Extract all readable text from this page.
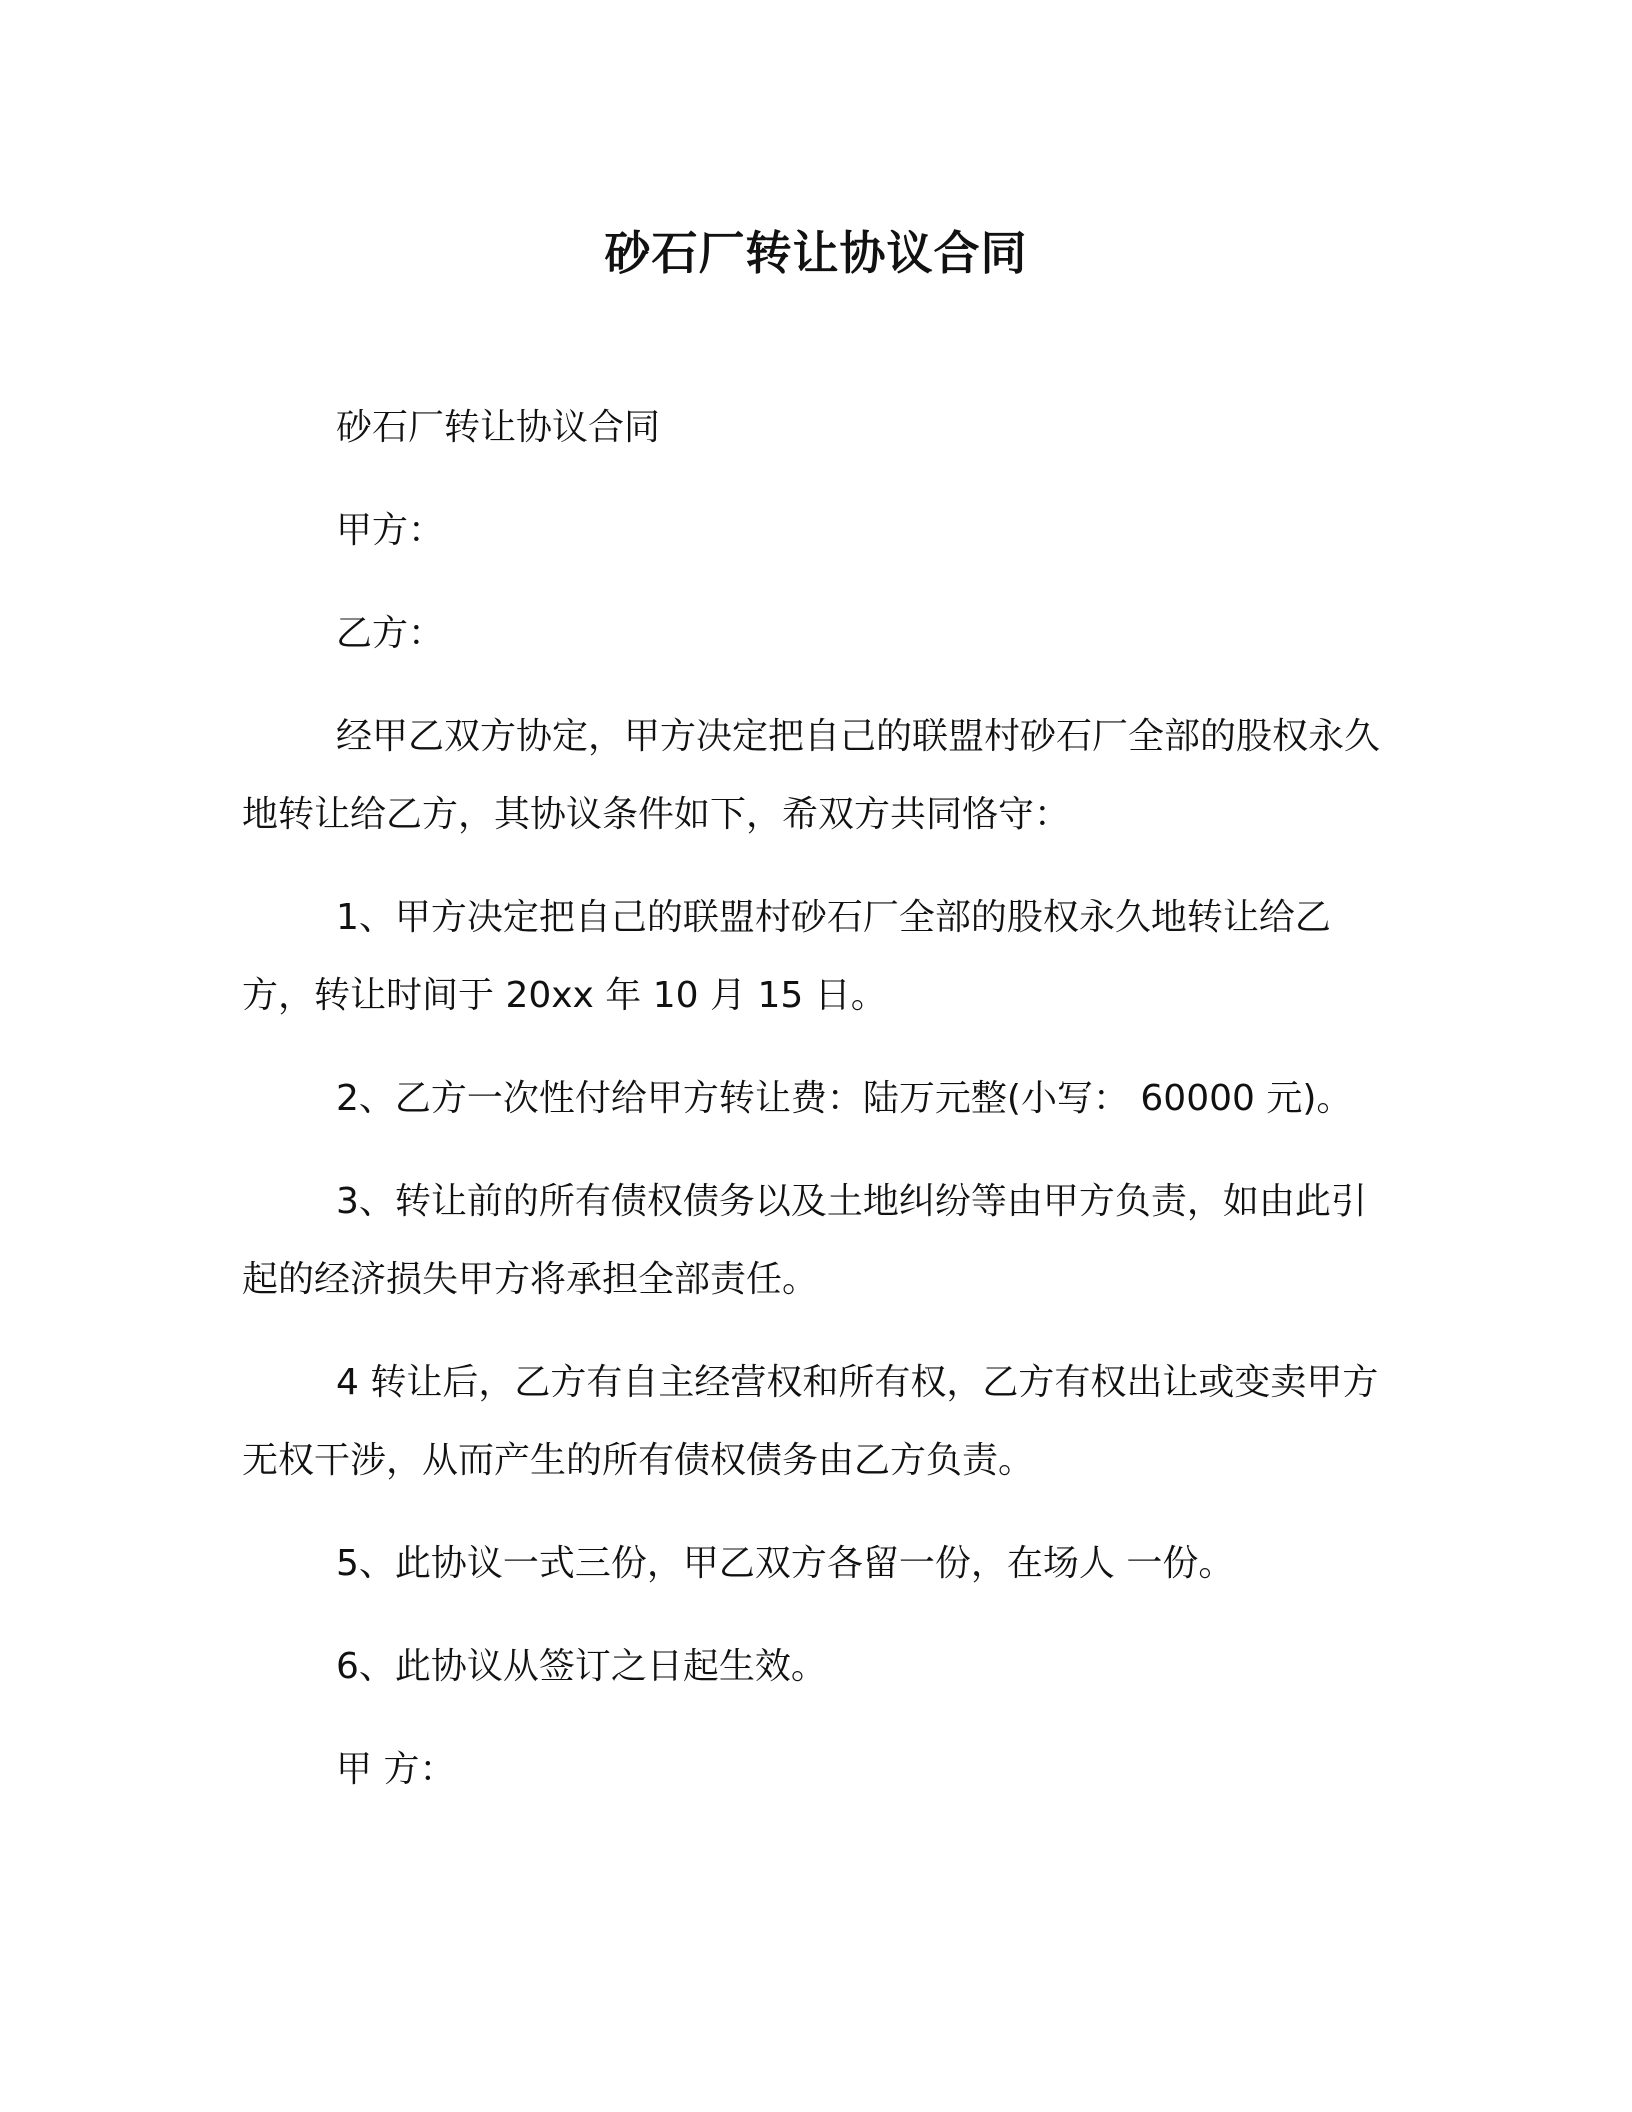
砂石厂转让协议合同

砂石厂转让协议合同

甲方：

乙方：

经甲乙双方协定，甲方决定把自己的联盟村砂石厂全部的股权永久地转让给乙方，其协议条件如下，希双方共同恪守：

1、甲方决定把自己的联盟村砂石厂全部的股权永久地转让给乙方，转让时间于 20xx 年 10 月 15 日。

2、乙方一次性付给甲方转让费：陆万元整(小写： 60000 元)。

3、转让前的所有债权债务以及土地纠纷等由甲方负责，如由此引起的经济损失甲方将承担全部责任。

4 转让后，乙方有自主经营权和所有权，乙方有权出让或变卖甲方无权干涉，从而产生的所有债权债务由乙方负责。

5、此协议一式三份，甲乙双方各留一份，在场人 一份。

6、此协议从签订之日起生效。

甲 方：
